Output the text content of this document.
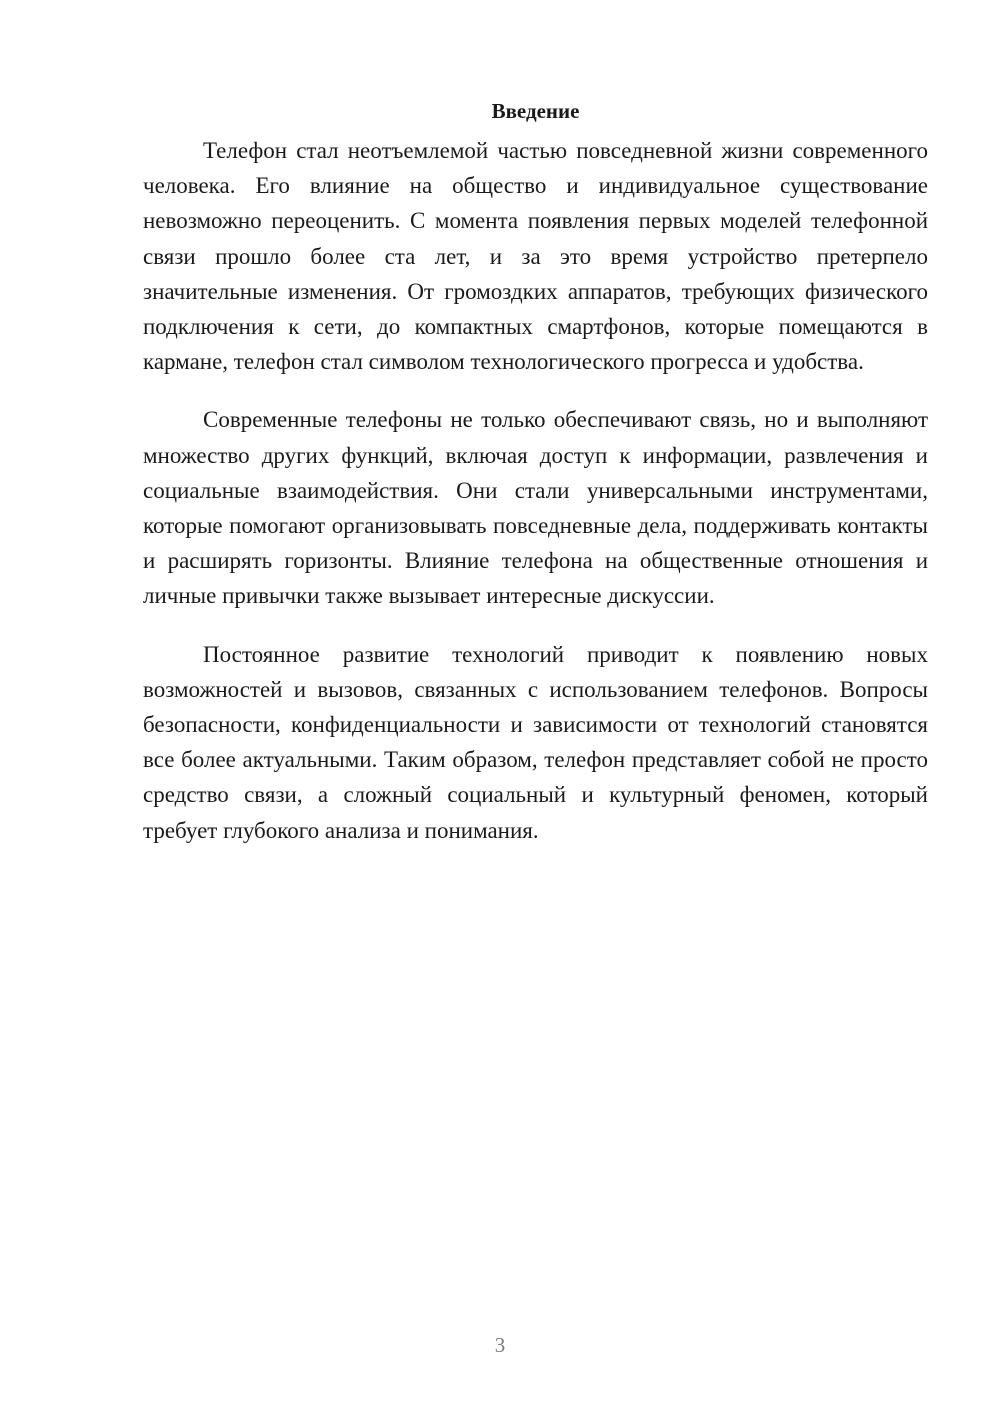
Введение

Телефон стал неотъемлемой частью повседневной жизни современного человека. Его влияние на общество и индивидуальное существование невозможно переоценить. С момента появления первых моделей телефонной связи прошло более ста лет, и за это время устройство претерпело значительные изменения. От громоздких аппаратов, требующих физического подключения к сети, до компактных смартфонов, которые помещаются в кармане, телефон стал символом технологического прогресса и удобства.

Современные телефоны не только обеспечивают связь, но и выполняют множество других функций, включая доступ к информации, развлечения и социальные взаимодействия. Они стали универсальными инструментами, которые помогают организовывать повседневные дела, поддерживать контакты и расширять горизонты. Влияние телефона на общественные отношения и личные привычки также вызывает интересные дискуссии.

Постоянное развитие технологий приводит к появлению новых возможностей и вызовов, связанных с использованием телефонов. Вопросы безопасности, конфиденциальности и зависимости от технологий становятся все более актуальными. Таким образом, телефон представляет собой не просто средство связи, а сложный социальный и культурный феномен, который требует глубокого анализа и понимания.

3
